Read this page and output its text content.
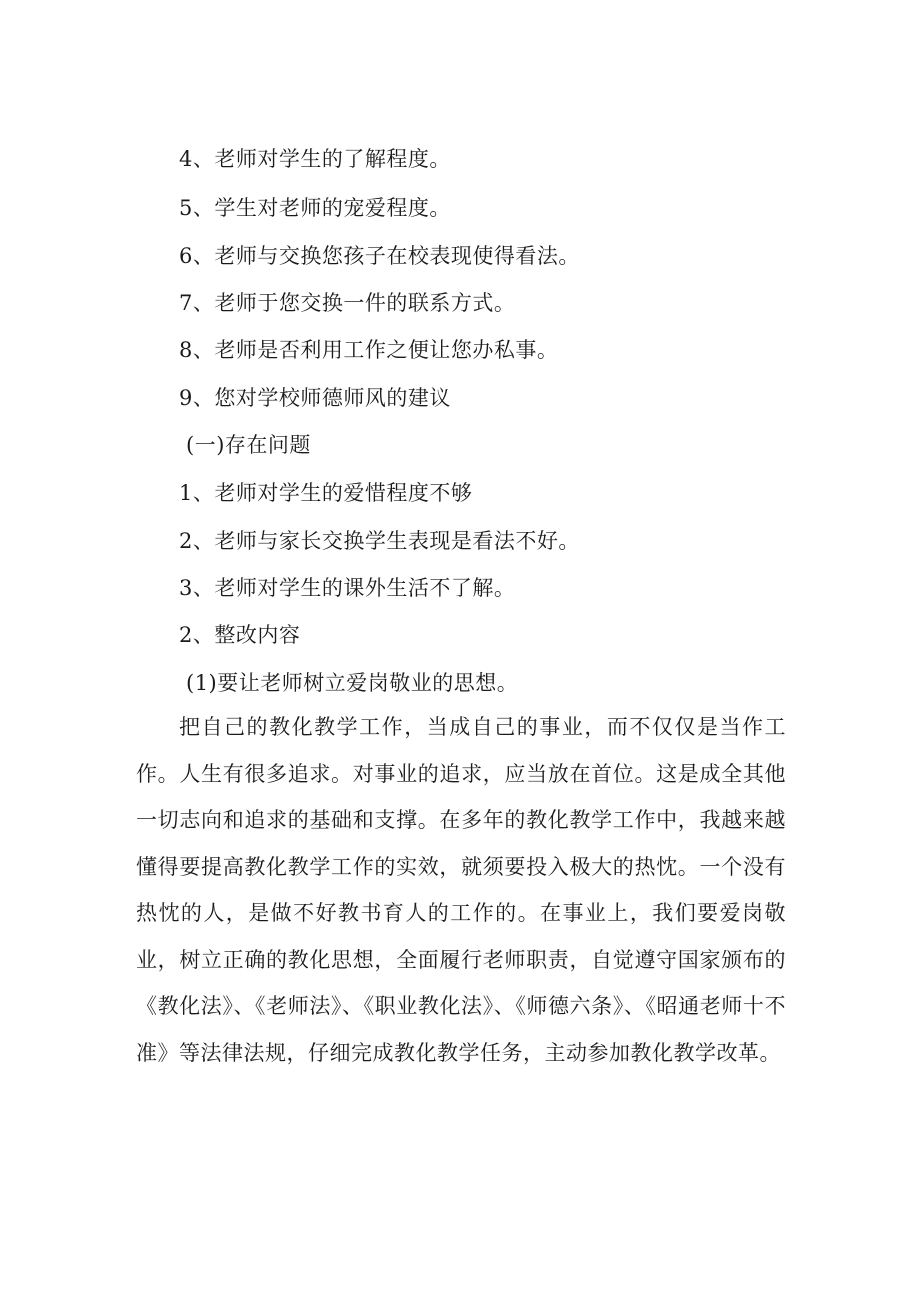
4、老师对学生的了解程度。
5、学生对老师的宠爱程度。
6、老师与交换您孩子在校表现使得看法。
7、老师于您交换一件的联系方式。
8、老师是否利用工作之便让您办私事。
9、您对学校师德师风的建议
(一)存在问题
1、老师对学生的爱惜程度不够
2、老师与家长交换学生表现是看法不好。
3、老师对学生的课外生活不了解。
2、整改内容
(1)要让老师树立爱岗敬业的思想。
把自己的教化教学工作，当成自己的事业，而不仅仅是当作工作。人生有很多追求。对事业的追求，应当放在首位。这是成全其他一切志向和追求的基础和支撑。在多年的教化教学工作中，我越来越懂得要提高教化教学工作的实效，就须要投入极大的热忱。一个没有热忱的人，是做不好教书育人的工作的。在事业上，我们要爱岗敬业，树立正确的教化思想，全面履行老师职责，自觉遵守国家颁布的《教化法》、《老师法》、《职业教化法》、《师德六条》、《昭通老师十不准》等法律法规，仔细完成教化教学任务，主动参加教化教学改革。
